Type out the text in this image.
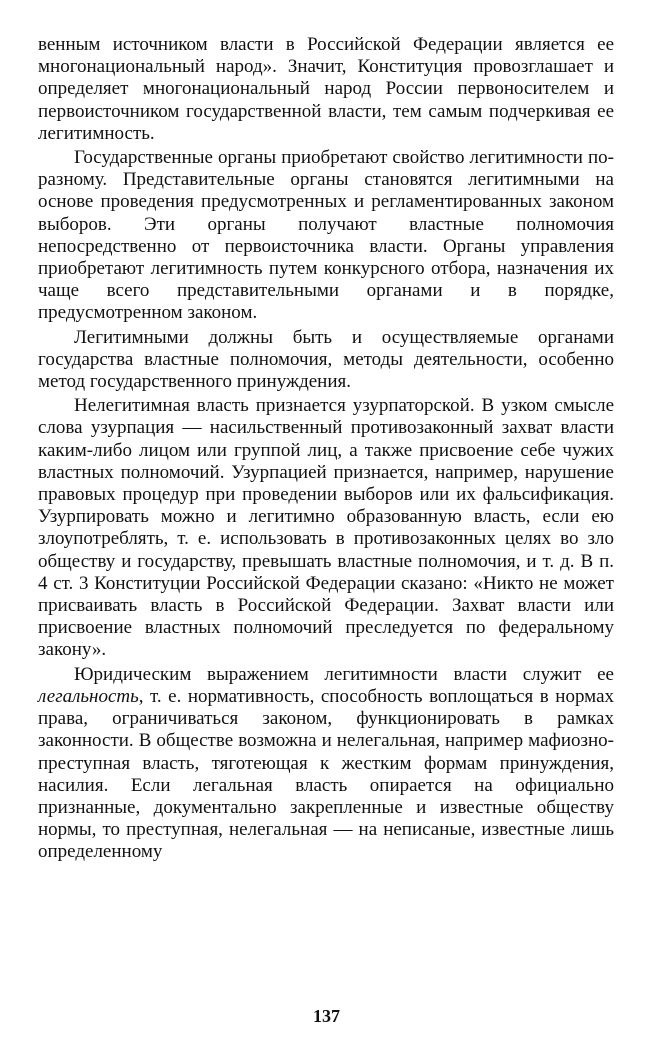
венным источником власти в Российской Федерации является ее многонациональный народ». Значит, Конституция провозглашает и определяет многонациональный народ России первоносителем и первоисточником государственной власти, тем самым подчеркивая ее легитимность.

Государственные органы приобретают свойство легитимности по-разному. Представительные органы становятся легитимными на основе проведения предусмотренных и регламентированных законом выборов. Эти органы получают властные полномочия непосредственно от первоисточника власти. Органы управления приобретают легитимность путем конкурсного отбора, назначения их чаще всего представительными органами и в порядке, предусмотренном законом.

Легитимными должны быть и осуществляемые органами государства властные полномочия, методы деятельности, особенно метод государственного принуждения.

Нелегитимная власть признается узурпаторской. В узком смысле слова узурпация — насильственный противозаконный захват власти каким-либо лицом или группой лиц, а также присвоение себе чужих властных полномочий. Узурпацией признается, например, нарушение правовых процедур при проведении выборов или их фальсификация. Узурпировать можно и легитимно образованную власть, если ею злоупотреблять, т. е. использовать в противозаконных целях во зло обществу и государству, превышать властные полномочия, и т. д. В п. 4 ст. 3 Конституции Российской Федерации сказано: «Никто не может присваивать власть в Российской Федерации. Захват власти или присвоение властных полномочий преследуется по федеральному закону».

Юридическим выражением легитимности власти служит ее легальность, т. е. нормативность, способность воплощаться в нормах права, ограничиваться законом, функционировать в рамках законности. В обществе возможна и нелегальная, например мафиозно-преступная власть, тяготеющая к жестким формам принуждения, насилия. Если легальная власть опирается на официально признанные, документально закрепленные и известные обществу нормы, то преступная, нелегальная — на неписаные, известные лишь определенному

137
